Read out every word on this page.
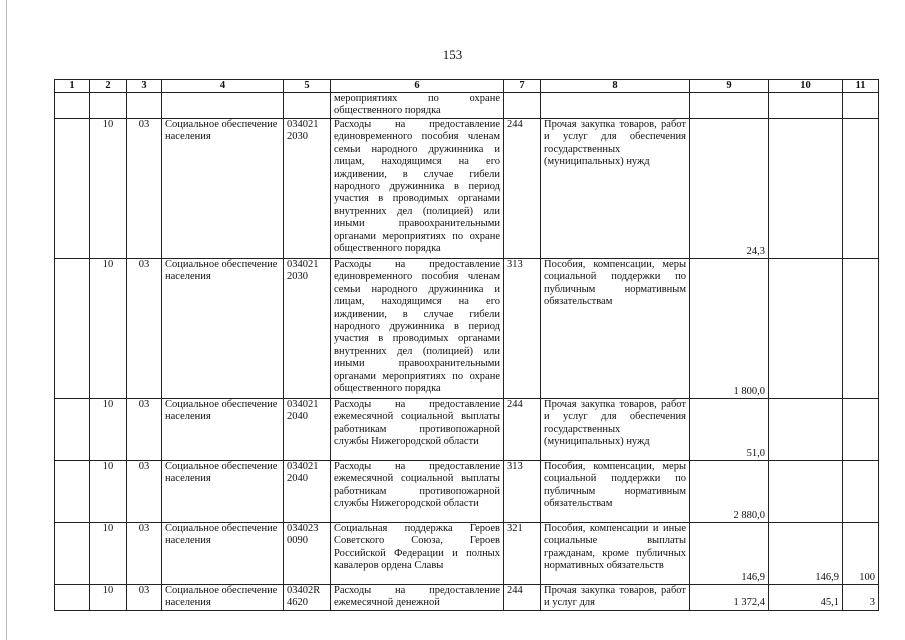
153
1	2	3	4	5	6	7	8	9	10	11
					мероприятиях по охране общественного порядка					
	10	03	Социальное обеспечение населения	034021 2030	Расходы на предоставление единовременного пособия членам семьи народного дружинника и лицам, находящимся на его иждивении, в случае гибели народного дружинника в период участия в проводимых органами внутренних дел (полицией) или иными правоохранительными органами мероприятиях по охране общественного порядка	244	Прочая закупка товаров, работ и услуг для обеспечения государственных (муниципальных) нужд	24,3		
	10	03	Социальное обеспечение населения	034021 2030	Расходы на предоставление единовременного пособия членам семьи народного дружинника и лицам, находящимся на его иждивении, в случае гибели народного дружинника в период участия в проводимых органами внутренних дел (полицией) или иными правоохранительными органами мероприятиях по охране общественного порядка	313	Пособия, компенсации, меры социальной поддержки по публичным нормативным обязательствам	1 800,0		
	10	03	Социальное обеспечение населения	034021 2040	Расходы на предоставление ежемесячной социальной выплаты работникам противопожарной службы Нижегородской области	244	Прочая закупка товаров, работ и услуг для обеспечения государственных (муниципальных) нужд	51,0		
	10	03	Социальное обеспечение населения	034021 2040	Расходы на предоставление ежемесячной социальной выплаты работникам противопожарной службы Нижегородской области	313	Пособия, компенсации, меры социальной поддержки по публичным нормативным обязательствам	2 880,0		
	10	03	Социальное обеспечение населения	034023 0090	Социальная поддержка Героев Советского Союза, Героев Российской Федерации и полных кавалеров ордена Славы	321	Пособия, компенсации и иные социальные выплаты гражданам, кроме публичных нормативных обязательств	146,9	146,9	100
	10	03	Социальное обеспечение населения	03402R 4620	Расходы на предоставление ежемесячной денежной	244	Прочая закупка товаров, работ и услуг для	1 372,4	45,1	3
